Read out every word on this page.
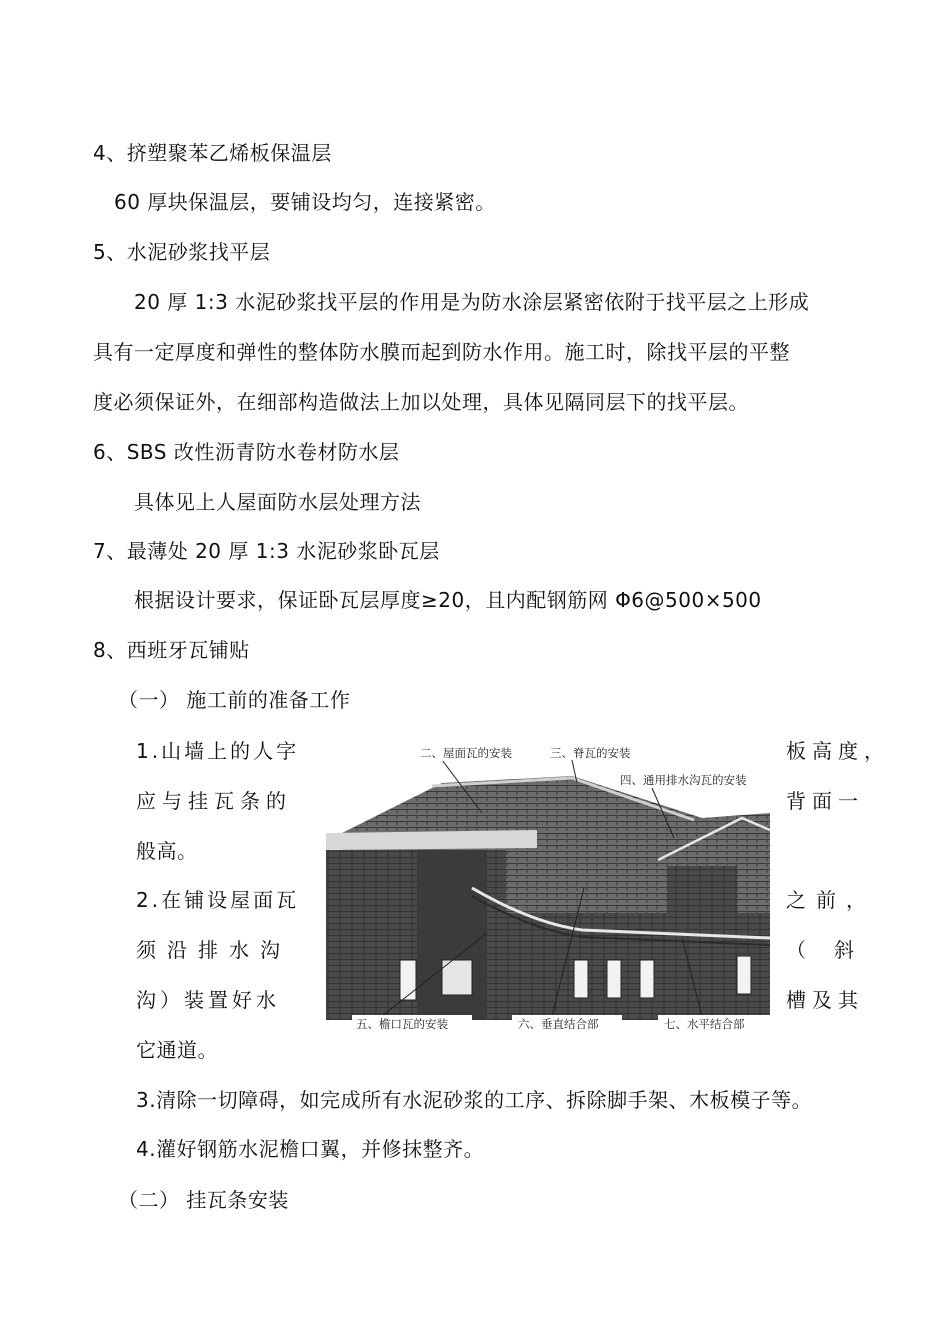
4、挤塑聚苯乙烯板保温层
60 厚块保温层，要铺设均匀，连接紧密。
5、水泥砂浆找平层
20 厚 1:3 水泥砂浆找平层的作用是为防水涂层紧密依附于找平层之上形成
具有一定厚度和弹性的整体防水膜而起到防水作用。施工时，除找平层的平整
度必须保证外，在细部构造做法上加以处理，具体见隔同层下的找平层。
6、SBS 改性沥青防水卷材防水层
具体见上人屋面防水层处理方法
7、最薄处 20 厚 1:3 水泥砂浆卧瓦层
根据设计要求，保证卧瓦层厚度≥20，且内配钢筋网 Φ6@500×500
8、西班牙瓦铺贴
（一） 施工前的准备工作
1.山墙上的人字	板高度，
应与挂瓦条的	背面一
般高。
2.在铺设屋面瓦	之前，
须沿排水沟	（斜
沟）装置好水	槽及其
它通道。
3.清除一切障碍，如完成所有水泥砂浆的工序、拆除脚手架、木板模子等。
4.灌好钢筋水泥檐口翼，并修抹整齐。
（二） 挂瓦条安装
二、屋面瓦的安装	三、脊瓦的安装
四、通用排水沟瓦的安装
五、檐口瓦的安装	六、垂直结合部	七、水平结合部
